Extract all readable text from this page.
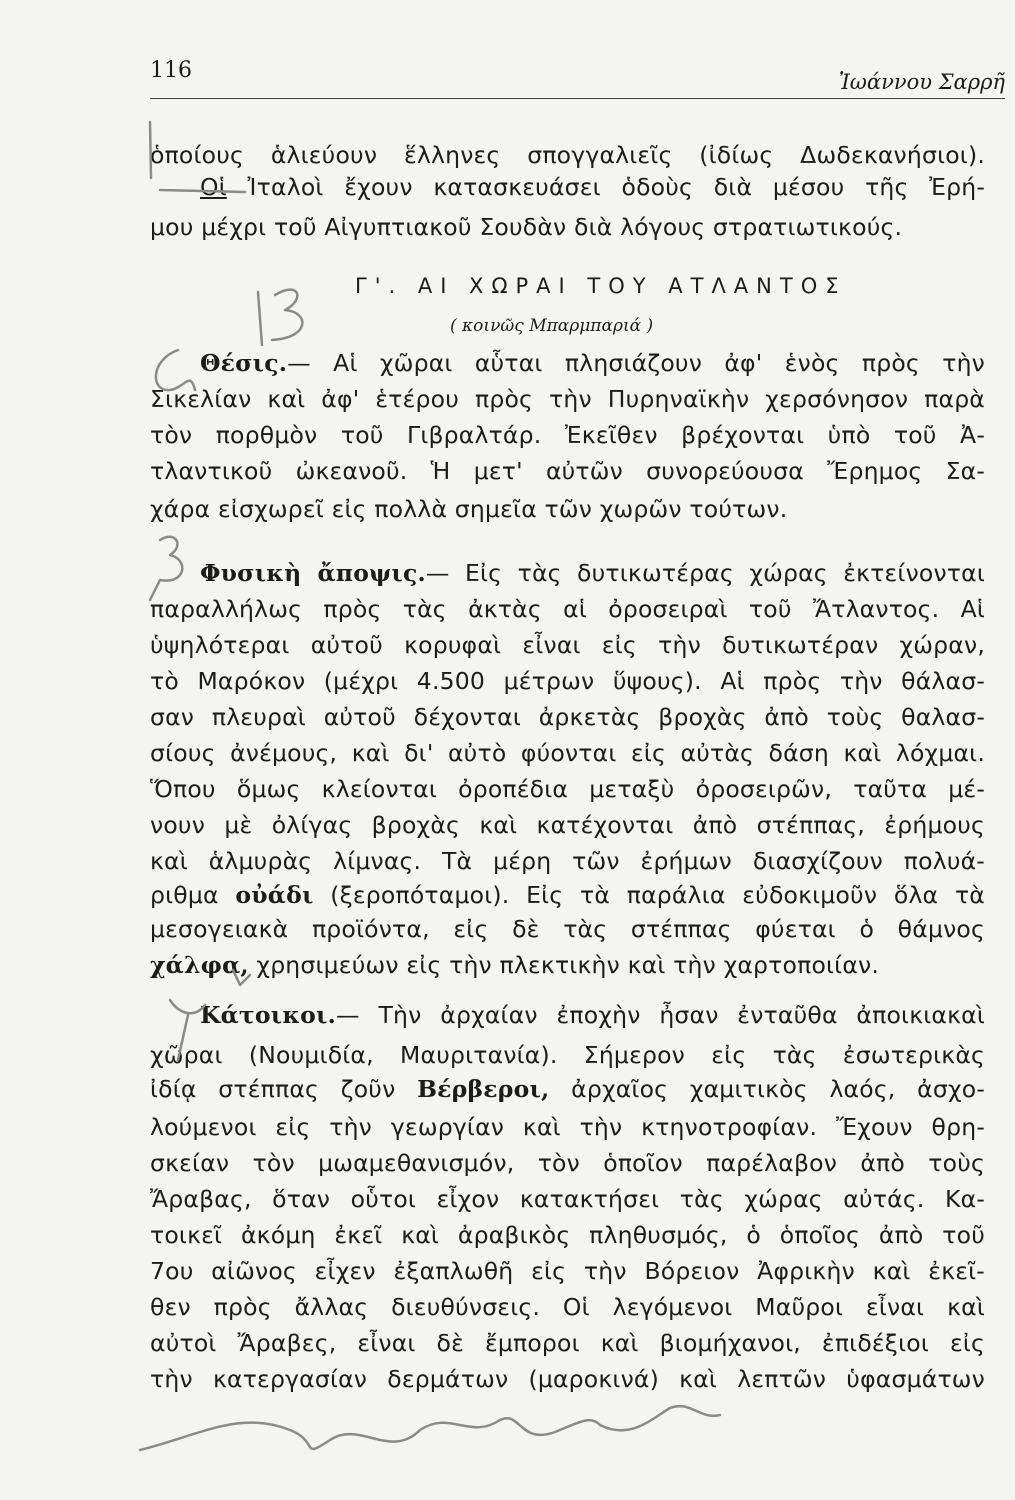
116	Ἰωάννου Σαρρῆ
ὁποίους ἁλιεύουν ἕλληνες σπογγαλιεῖς (ἰδίως Δωδεκανήσιοι).
Οἱ Ἰταλοὶ ἔχουν κατασκευάσει ὁδοὺς διὰ μέσου τῆς Ἐρή-
μου μέχρι τοῦ Αἰγυπτιακοῦ Σουδὰν διὰ λόγους στρατιωτικούς.
Γ'. ΑΙ ΧΩΡΑΙ ΤΟΥ ΑΤΛΑΝΤΟΣ
( κοινῶς Μπαρμπαριά )
Θέσις.— Αἱ χῶραι αὗται πλησιάζουν ἀφ' ἑνὸς πρὸς τὴν
Σικελίαν καὶ ἀφ' ἑτέρου πρὸς τὴν Πυρηναϊκὴν χερσόνησον παρὰ
τὸν πορθμὸν τοῦ Γιβραλτάρ. Ἐκεῖθεν βρέχονται ὑπὸ τοῦ Ἀ-
τλαντικοῦ ὠκεανοῦ. Ἡ μετ' αὐτῶν συνορεύουσα Ἔρημος Σα-
χάρα εἰσχωρεῖ εἰς πολλὰ σημεῖα τῶν χωρῶν τούτων.
Φυσικὴ ἄποψις.— Εἰς τὰς δυτικωτέρας χώρας ἐκτείνονται
παραλλήλως πρὸς τὰς ἀκτὰς αἱ ὀροσειραὶ τοῦ Ἄτλαντος. Αἱ
ὑψηλότεραι αὐτοῦ κορυφαὶ εἶναι εἰς τὴν δυτικωτέραν χώραν,
τὸ Μαρόκον (μέχρι 4.500 μέτρων ὕψους). Αἱ πρὸς τὴν θάλασ-
σαν πλευραὶ αὐτοῦ δέχονται ἀρκετὰς βροχὰς ἀπὸ τοὺς θαλασ-
σίους ἀνέμους, καὶ δι' αὐτὸ φύονται εἰς αὐτὰς δάση καὶ λόχμαι.
Ὅπου ὅμως κλείονται ὀροπέδια μεταξὺ ὀροσειρῶν, ταῦτα μέ-
νουν μὲ ὀλίγας βροχὰς καὶ κατέχονται ἀπὸ στέππας, ἐρήμους
καὶ ἁλμυρὰς λίμνας. Τὰ μέρη τῶν ἐρήμων διασχίζουν πολυά-
ριθμα οὐάδι (ξεροπόταμοι). Εἰς τὰ παράλια εὐδοκιμοῦν ὅλα τὰ
μεσογειακὰ προϊόντα, εἰς δὲ τὰς στέππας φύεται ὁ θάμνος
χάλφα, χρησιμεύων εἰς τὴν πλεκτικὴν καὶ τὴν χαρτοποιίαν.
Κάτοικοι.— Τὴν ἀρχαίαν ἐποχὴν ἦσαν ἐνταῦθα ἀποικιακαὶ
χῶραι (Νουμιδία, Μαυριτανία). Σήμερον εἰς τὰς ἐσωτερικὰς
ἰδίᾳ στέππας ζοῦν Βέρβεροι, ἀρχαῖος χαμιτικὸς λαός, ἀσχο-
λούμενοι εἰς τὴν γεωργίαν καὶ τὴν κτηνοτροφίαν. Ἔχουν θρη-
σκείαν τὸν μωαμεθανισμόν, τὸν ὁποῖον παρέλαβον ἀπὸ τοὺς
Ἄραβας, ὅταν οὗτοι εἶχον κατακτήσει τὰς χώρας αὐτάς. Κα-
τοικεῖ ἀκόμη ἐκεῖ καὶ ἀραβικὸς πληθυσμός, ὁ ὁποῖος ἀπὸ τοῦ
7ου αἰῶνος εἶχεν ἐξαπλωθῆ εἰς τὴν Βόρειον Ἀφρικὴν καὶ ἐκεῖ-
θεν πρὸς ἄλλας διευθύνσεις. Οἱ λεγόμενοι Μαῦροι εἶναι καὶ
αὐτοὶ Ἄραβες, εἶναι δὲ ἔμποροι καὶ βιομήχανοι, ἐπιδέξιοι εἰς
τὴν κατεργασίαν δερμάτων (μαροκινά) καὶ λεπτῶν ὑφασμάτων
